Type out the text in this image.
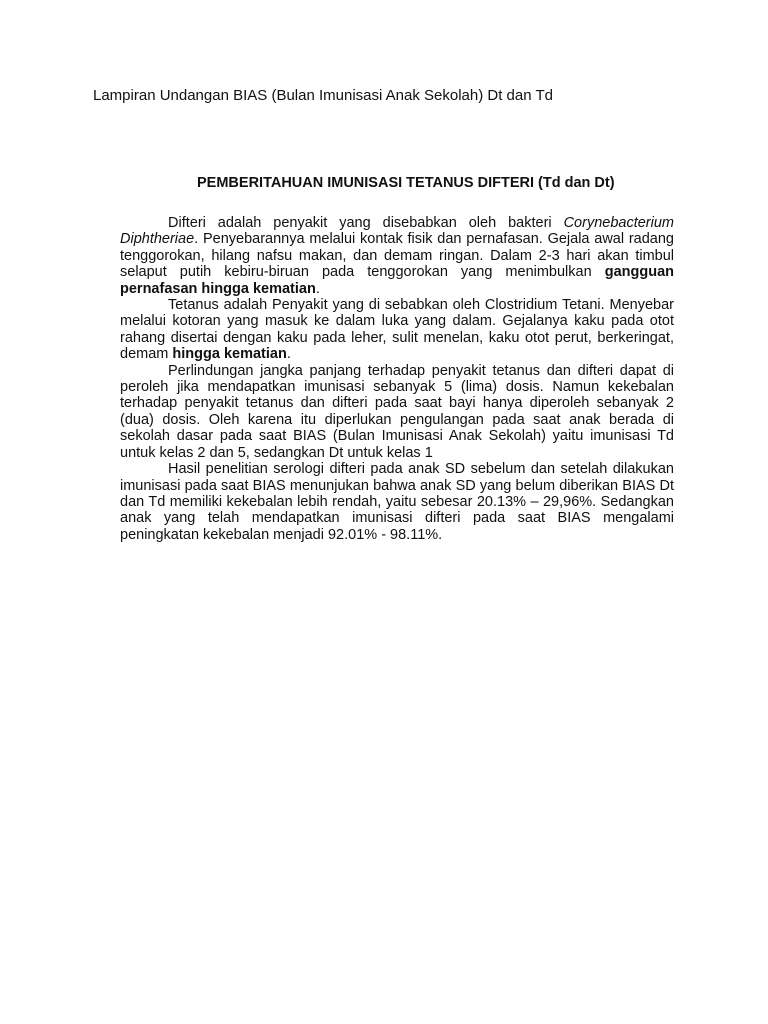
Lampiran Undangan BIAS (Bulan Imunisasi Anak Sekolah) Dt dan Td
PEMBERITAHUAN IMUNISASI TETANUS DIFTERI (Td dan Dt)

Difteri adalah penyakit yang disebabkan oleh bakteri Corynebacterium Diphtheriae. Penyebarannya melalui kontak fisik dan pernafasan. Gejala awal radang tenggorokan, hilang nafsu makan, dan demam ringan. Dalam 2-3 hari akan timbul selaput putih kebiru-biruan pada tenggorokan yang menimbulkan gangguan pernafasan hingga kematian.

Tetanus adalah Penyakit yang di sebabkan oleh Clostridium Tetani. Menyebar melalui kotoran yang masuk ke dalam luka yang dalam. Gejalanya kaku pada otot rahang disertai dengan kaku pada leher, sulit menelan, kaku otot perut, berkeringat, demam hingga kematian.

Perlindungan jangka panjang terhadap penyakit tetanus dan difteri dapat di peroleh jika mendapatkan imunisasi sebanyak 5 (lima) dosis. Namun kekebalan terhadap penyakit tetanus dan difteri pada saat bayi hanya diperoleh sebanyak 2 (dua) dosis. Oleh karena itu diperlukan pengulangan pada saat anak berada di sekolah dasar pada saat BIAS (Bulan Imunisasi Anak Sekolah) yaitu imunisasi Td untuk kelas 2 dan 5, sedangkan Dt untuk kelas 1

Hasil penelitian serologi difteri pada anak SD sebelum dan setelah dilakukan imunisasi pada saat BIAS menunjukan bahwa anak SD yang belum diberikan BIAS Dt dan Td memiliki kekebalan lebih rendah, yaitu sebesar 20.13% – 29,96%. Sedangkan anak yang telah mendapatkan imunisasi difteri pada saat BIAS mengalami peningkatan kekebalan menjadi 92.01% - 98.11%.
